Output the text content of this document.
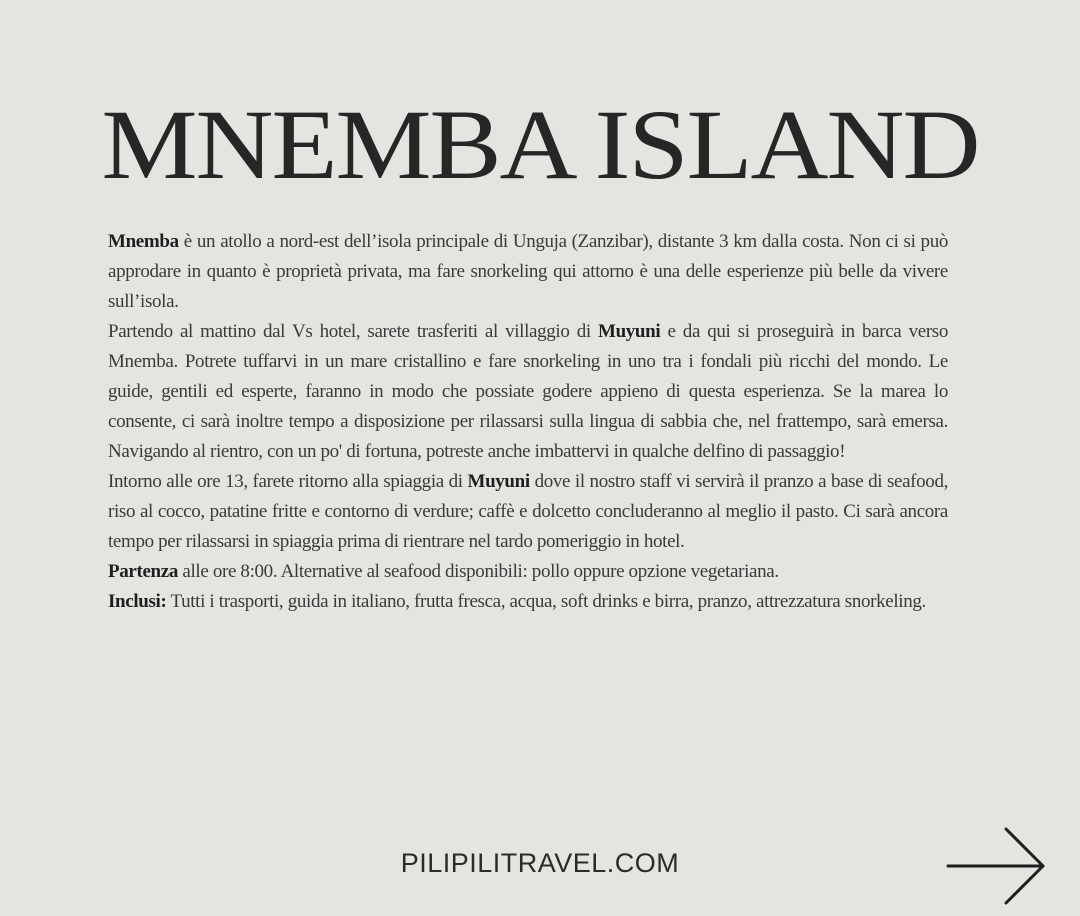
MNEMBA ISLAND

Mnemba è un atollo a nord-est dell’isola principale di Unguja (Zanzibar), distante 3 km dalla costa. Non ci si può approdare in quanto è proprietà privata, ma fare snorkeling qui attorno è una delle esperienze più belle da vivere sull’isola.

Partendo al mattino dal Vs hotel, sarete trasferiti al villaggio di Muyuni e da qui si proseguirà in barca verso Mnemba. Potrete tuffarvi in un mare cristallino e fare snorkeling in uno tra i fondali più ricchi del mondo. Le guide, gentili ed esperte, faranno in modo che possiate godere appieno di questa esperienza. Se la marea lo consente, ci sarà inoltre tempo a disposizione per rilassarsi sulla lingua di sabbia che, nel frattempo, sarà emersa. Navigando al rientro, con un po' di fortuna, potreste anche imbattervi in qualche delfino di passaggio!

Intorno alle ore 13, farete ritorno alla spiaggia di Muyuni dove il nostro staff vi servirà il pranzo a base di seafood, riso al cocco, patatine fritte e contorno di verdure; caffè e dolcetto concluderanno al meglio il pasto. Ci sarà ancora tempo per rilassarsi in spiaggia prima di rientrare nel tardo pomeriggio in hotel.

Partenza alle ore 8:00. Alternative al seafood disponibili: pollo oppure opzione vegetariana.

Inclusi: Tutti i trasporti, guida in italiano, frutta fresca, acqua, soft drinks e birra, pranzo, attrezzatura snorkeling.

PILIPILITRAVEL.COM
